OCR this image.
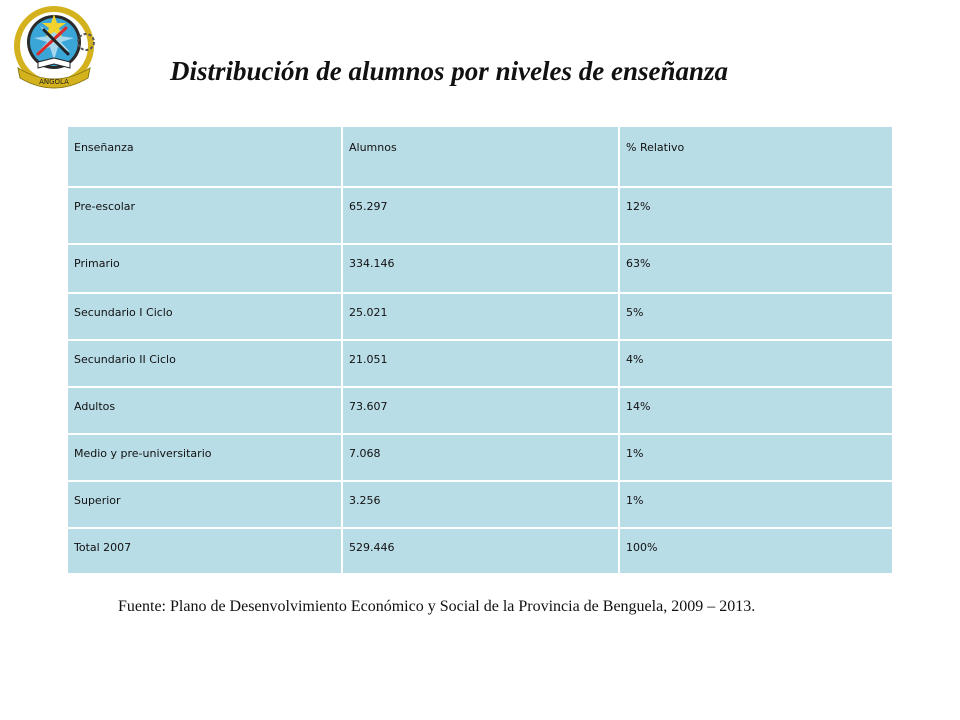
ANGOLA	Distribución de alumnos por niveles de enseñanza
Enseñanza	Alumnos	% Relativo
Pre-escolar	65.297	12%
Primario	334.146	63%
Secundario I Ciclo	25.021	5%
Secundario II Ciclo	21.051	4%
Adultos	73.607	14%
Medio y pre-universitario	7.068	1%
Superior	3.256	1%
Total 2007	529.446	100%
Fuente: Plano de Desenvolvimiento Económico y Social de la Provincia de Benguela, 2009 – 2013.
